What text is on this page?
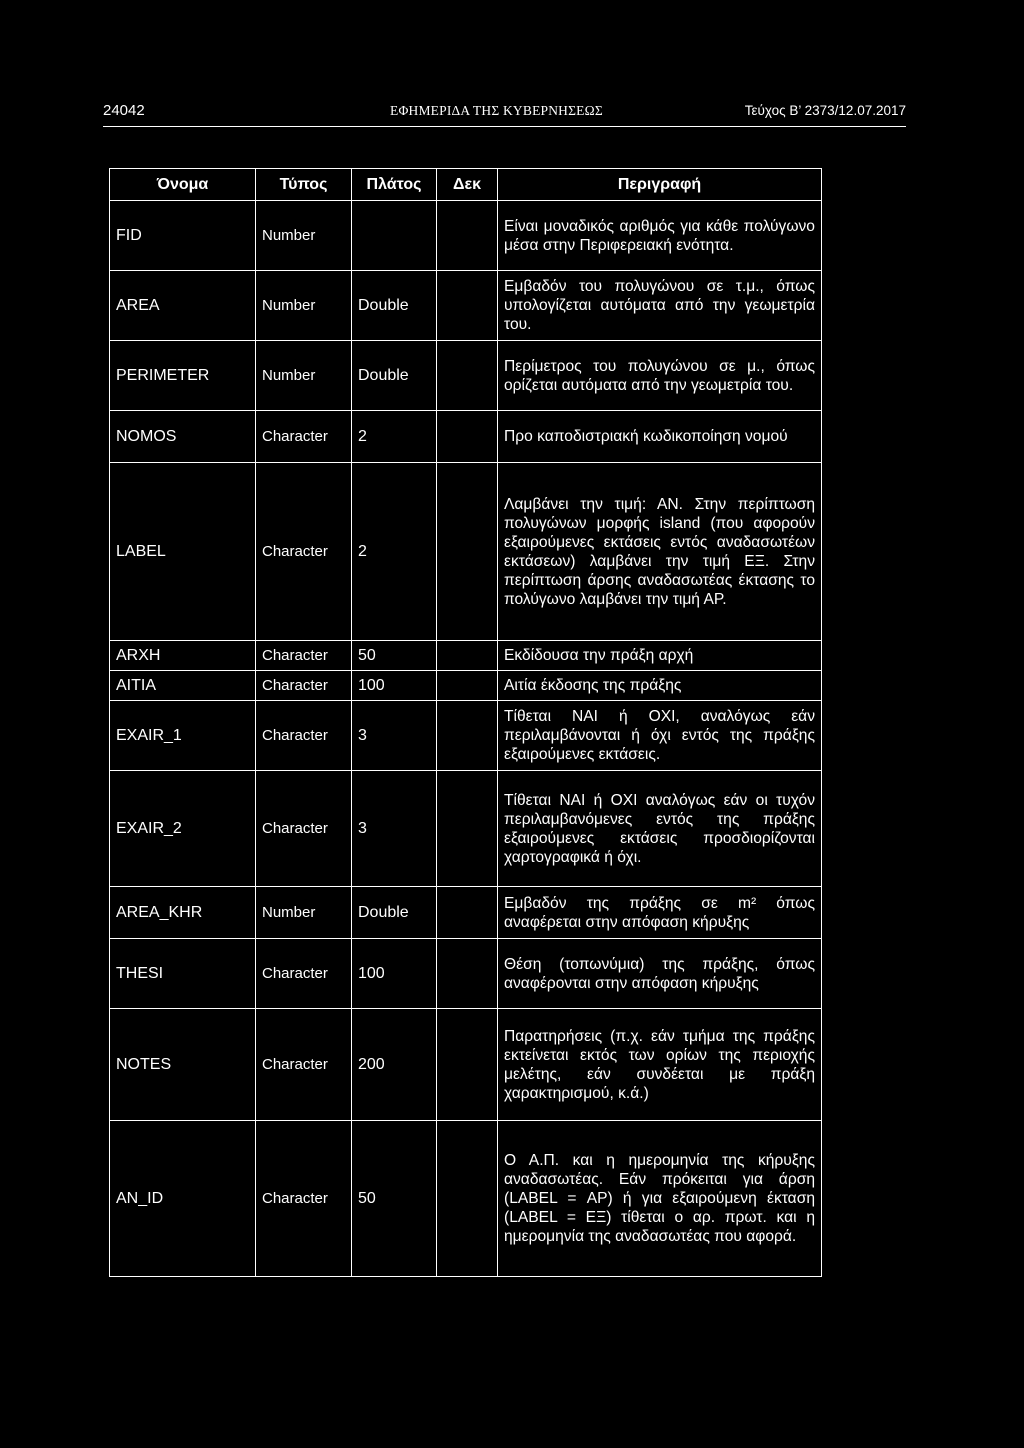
24042	ΕΦΗΜΕΡΙΔΑ ΤΗΣ ΚΥΒΕΡΝΗΣΕΩΣ	Τεύχος Β’ 2373/12.07.2017
Όνομα	Τύπος	Πλάτος	Δεκ	Περιγραφή
FID	Number			Είναι μοναδικός αριθμός για κάθε πολύγωνο μέσα στην Περιφερειακή ενότητα.
AREA	Number	Double		Εμβαδόν του πολυγώνου σε τ.μ., όπως υπολογίζεται αυτόματα από την γεωμετρία του.
PERIMETER	Number	Double		Περίμετρος του πολυγώνου σε μ., όπως ορίζεται αυτόματα από την γεωμετρία του.
NOMOS	Character	2		Προ καποδιστριακή κωδικοποίηση νομού
LABEL	Character	2		Λαμβάνει την τιμή: ΑΝ. Στην περίπτωση πολυγώνων μορφής island (που αφορούν εξαιρούμενες εκτάσεις εντός αναδασωτέων εκτάσεων) λαμβάνει την τιμή ΕΞ. Στην περίπτωση άρσης αναδασωτέας έκτασης το πολύγωνο λαμβάνει την τιμή ΑΡ.
ARXH	Character	50		Εκδίδουσα την πράξη αρχή
AITIA	Character	100		Αιτία έκδοσης της πράξης
EXAIR_1	Character	3		Τίθεται ΝΑΙ ή ΟΧΙ, αναλόγως εάν περιλαμβάνονται ή όχι εντός της πράξης εξαιρούμενες εκτάσεις.
EXAIR_2	Character	3		Τίθεται ΝΑΙ ή ΟΧΙ αναλόγως εάν οι τυχόν περιλαμβανόμενες εντός της πράξης εξαιρούμενες εκτάσεις προσδιορίζονται χαρτογραφικά ή όχι.
AREA_KHR	Number	Double		Εμβαδόν της πράξης σε m² όπως αναφέρεται στην απόφαση κήρυξης
THESI	Character	100		Θέση (τοπωνύμια) της πράξης, όπως αναφέρονται στην απόφαση κήρυξης
NOTES	Character	200		Παρατηρήσεις (π.χ. εάν τμήμα της πράξης εκτείνεται εκτός των ορίων της περιοχής μελέτης, εάν συνδέεται με πράξη χαρακτηρισμού, κ.ά.)
AN_ID	Character	50		Ο Α.Π. και η ημερομηνία της κήρυξης αναδασωτέας. Εάν πρόκειται για άρση (LABEL = ΑΡ) ή για εξαιρούμενη έκταση (LABEL = ΕΞ) τίθεται ο αρ. πρωτ. και η ημερομηνία της αναδασωτέας που αφορά.
